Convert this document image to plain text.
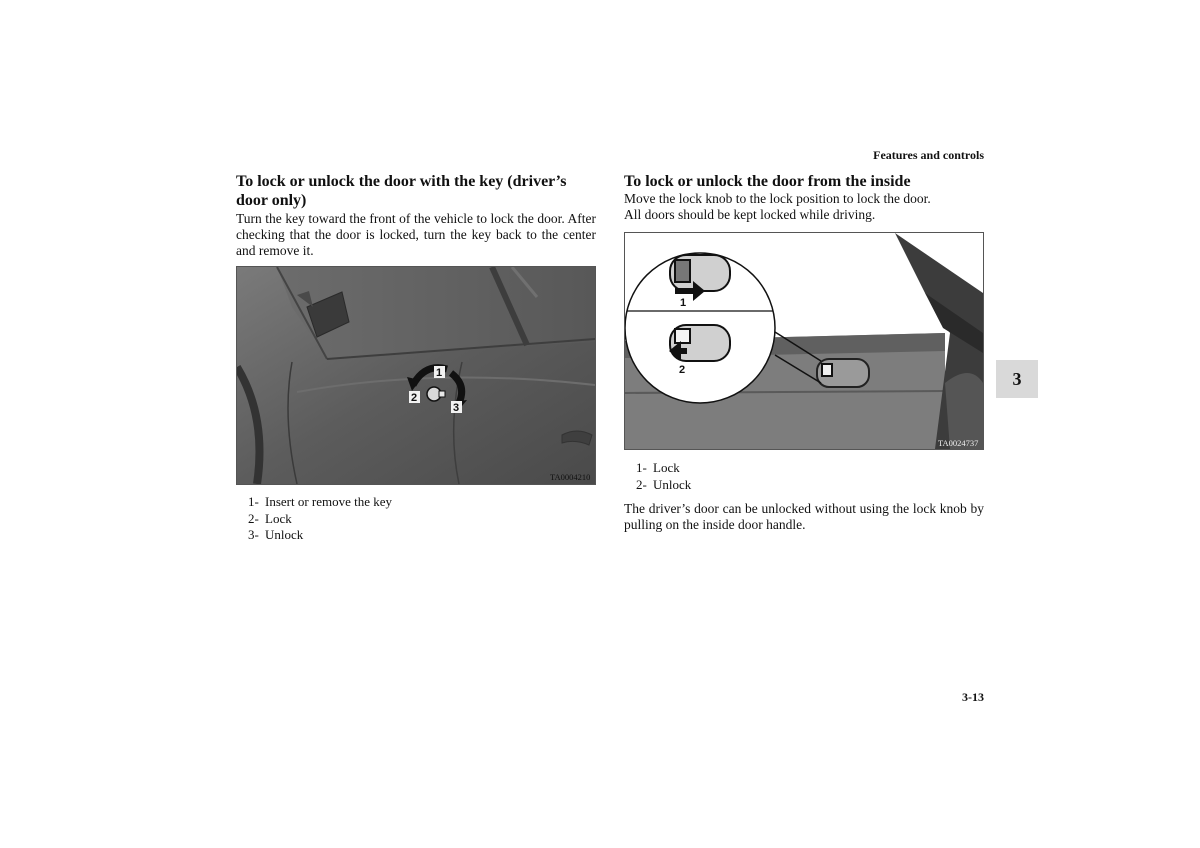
Features and controls
3
3-13
To lock or unlock the door with the key (driver’s door only)

Turn the key toward the front of the vehicle to lock the door. After checking that the door is locked, turn the key back to the center and remove it.

1
2
3
TA0004210
1- Insert or remove the key
2- Lock
3- Unlock
To lock or unlock the door from the inside

Move the lock knob to the lock position to lock the door.

All doors should be kept locked while driving.

1
2
TA0024737
1- Lock
2- Unlock

The driver’s door can be unlocked without using the lock knob by pulling on the inside door handle.
